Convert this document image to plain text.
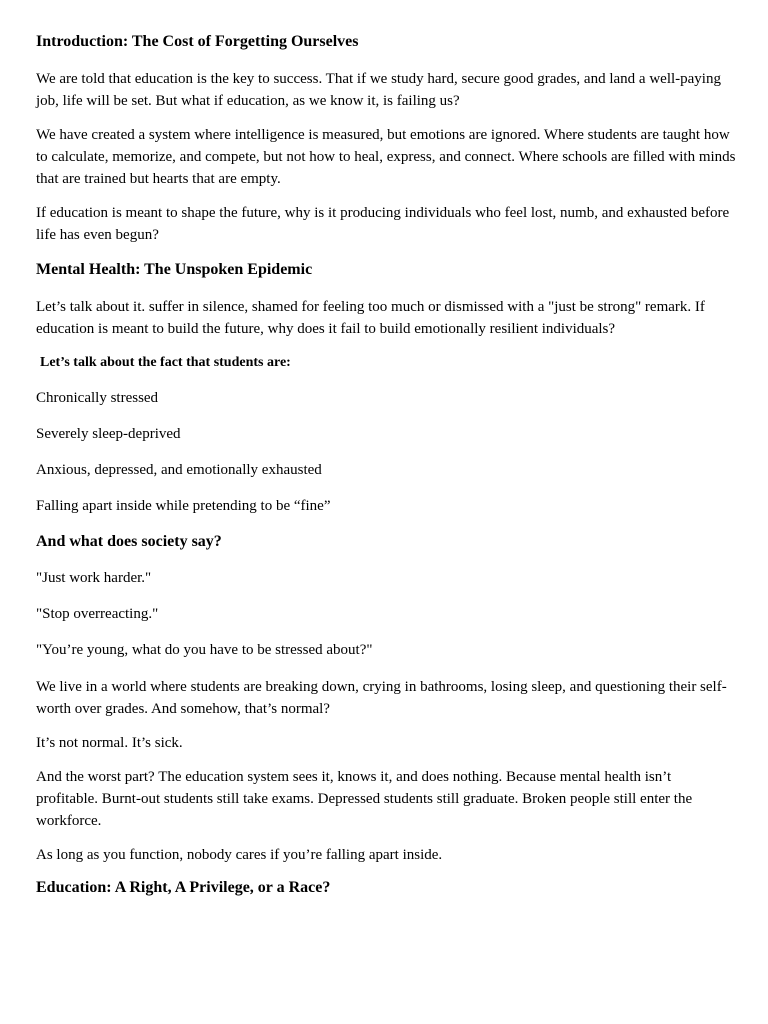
Introduction: The Cost of Forgetting Ourselves

We are told that education is the key to success. That if we study hard, secure good grades, and land a well-paying job, life will be set. But what if education, as we know it, is failing us?

We have created a system where intelligence is measured, but emotions are ignored. Where students are taught how to calculate, memorize, and compete, but not how to heal, express, and connect. Where schools are filled with minds that are trained but hearts that are empty.

If education is meant to shape the future, why is it producing individuals who feel lost, numb, and exhausted before life has even begun?

Mental Health: The Unspoken Epidemic

Let’s talk about it. suffer in silence, shamed for feeling too much or dismissed with a "just be strong" remark. If education is meant to build the future, why does it fail to build emotionally resilient individuals?

Let’s talk about the fact that students are:
Chronically stressed
Severely sleep-deprived
Anxious, depressed, and emotionally exhausted
Falling apart inside while pretending to be “fine”
And what does society say?
"Just work harder."
"Stop overreacting."
"You’re young, what do you have to be stressed about?"

We live in a world where students are breaking down, crying in bathrooms, losing sleep, and questioning their self-worth over grades. And somehow, that’s normal?

It’s not normal. It’s sick.

And the worst part? The education system sees it, knows it, and does nothing. Because mental health isn’t profitable. Burnt-out students still take exams. Depressed students still graduate. Broken people still enter the workforce.

As long as you function, nobody cares if you’re falling apart inside.

Education: A Right, A Privilege, or a Race?
